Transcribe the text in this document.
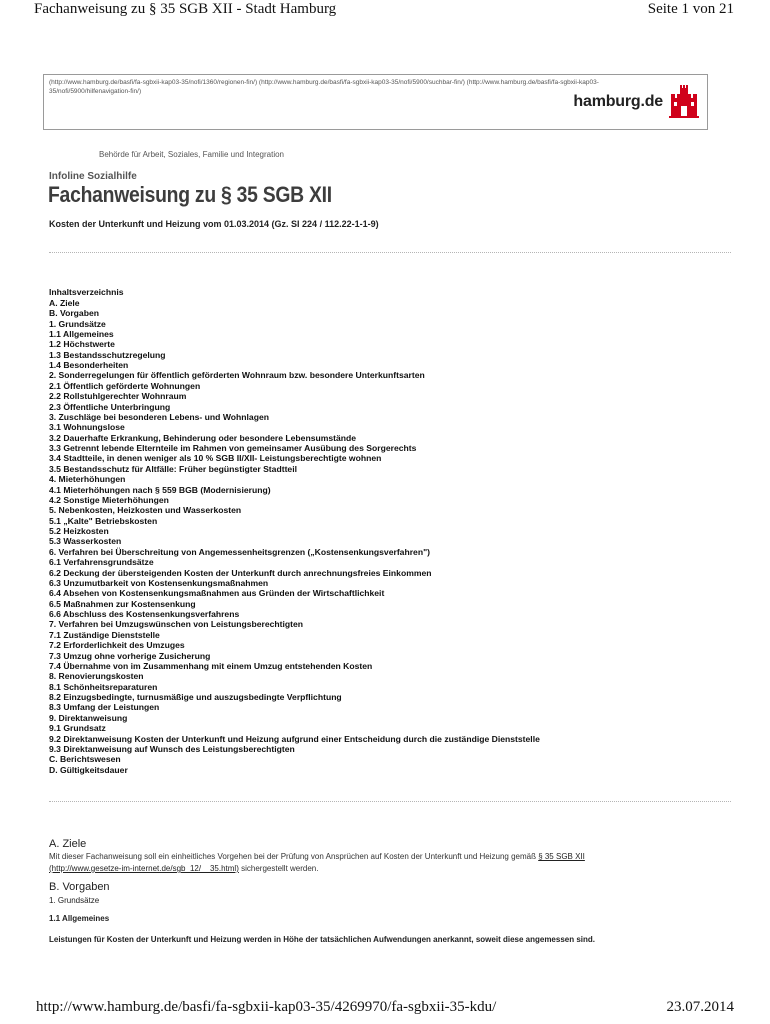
Fachanweisung zu § 35 SGB XII - Stadt Hamburg	Seite 1 von 21
(http://www.hamburg.de/basfi/fa-sgbxii-kap03-35/nofi/1360/regionen-fin/) (http://www.hamburg.de/basfi/fa-sgbxii-kap03-35/nofi/5900/suchbar-fin/) (http://www.hamburg.de/basfi/fa-sgbxii-kap03-
35/nofi/5900/hilfenavigation-fin/)
hamburg.de
Behörde für Arbeit, Soziales, Familie und Integration
Infoline Sozialhilfe
Fachanweisung zu § 35 SGB XII
Kosten der Unterkunft und Heizung vom 01.03.2014 (Gz. SI 224 / 112.22-1-1-9)
Inhaltsverzeichnis
A. Ziele
B. Vorgaben
1. Grundsätze
1.1 Allgemeines
1.2 Höchstwerte
1.3 Bestandsschutzregelung
1.4 Besonderheiten
2. Sonderregelungen für öffentlich geförderten Wohnraum bzw. besondere Unterkunftsarten
2.1 Öffentlich geförderte Wohnungen
2.2 Rollstuhlgerechter Wohnraum
2.3 Öffentliche Unterbringung
3. Zuschläge bei besonderen Lebens- und Wohnlagen
3.1 Wohnungslose
3.2 Dauerhafte Erkrankung, Behinderung oder besondere Lebensumstände
3.3 Getrennt lebende Elternteile im Rahmen von gemeinsamer Ausübung des Sorgerechts
3.4 Stadtteile, in denen weniger als 10 % SGB II/XII- Leistungsberechtigte wohnen
3.5 Bestandsschutz für Altfälle: Früher begünstigter Stadtteil
4. Mieterhöhungen
4.1 Mieterhöhungen nach § 559 BGB (Modernisierung)
4.2 Sonstige Mieterhöhungen
5. Nebenkosten, Heizkosten und Wasserkosten
5.1 „Kalte" Betriebskosten
5.2 Heizkosten
5.3 Wasserkosten
6. Verfahren bei Überschreitung von Angemessenheitsgrenzen („Kostensenkungsverfahren")
6.1 Verfahrensgrundsätze
6.2 Deckung der übersteigenden Kosten der Unterkunft durch anrechnungsfreies Einkommen
6.3 Unzumutbarkeit von Kostensenkungsmaßnahmen
6.4 Absehen von Kostensenkungsmaßnahmen aus Gründen der Wirtschaftlichkeit
6.5 Maßnahmen zur Kostensenkung
6.6 Abschluss des Kostensenkungsverfahrens
7. Verfahren bei Umzugswünschen von Leistungsberechtigten
7.1 Zuständige Dienststelle
7.2 Erforderlichkeit des Umzuges
7.3 Umzug ohne vorherige Zusicherung
7.4 Übernahme von im Zusammenhang mit einem Umzug entstehenden Kosten
8. Renovierungskosten
8.1 Schönheitsreparaturen
8.2 Einzugsbedingte, turnusmäßige und auszugsbedingte Verpflichtung
8.3 Umfang der Leistungen
9. Direktanweisung
9.1 Grundsatz
9.2 Direktanweisung Kosten der Unterkunft und Heizung aufgrund einer Entscheidung durch die zuständige Dienststelle
9.3 Direktanweisung auf Wunsch des Leistungsberechtigten
C. Berichtswesen
D. Gültigkeitsdauer
A. Ziele
Mit dieser Fachanweisung soll ein einheitliches Vorgehen bei der Prüfung von Ansprüchen auf Kosten der Unterkunft und Heizung gemäß § 35 SGB XII
(http://www.gesetze-im-internet.de/sgb_12/__35.html) sichergestellt werden.
B. Vorgaben
1. Grundsätze
1.1 Allgemeines
Leistungen für Kosten der Unterkunft und Heizung werden in Höhe der tatsächlichen Aufwendungen anerkannt, soweit diese angemessen sind.
http://www.hamburg.de/basfi/fa-sgbxii-kap03-35/4269970/fa-sgbxii-35-kdu/	23.07.2014
